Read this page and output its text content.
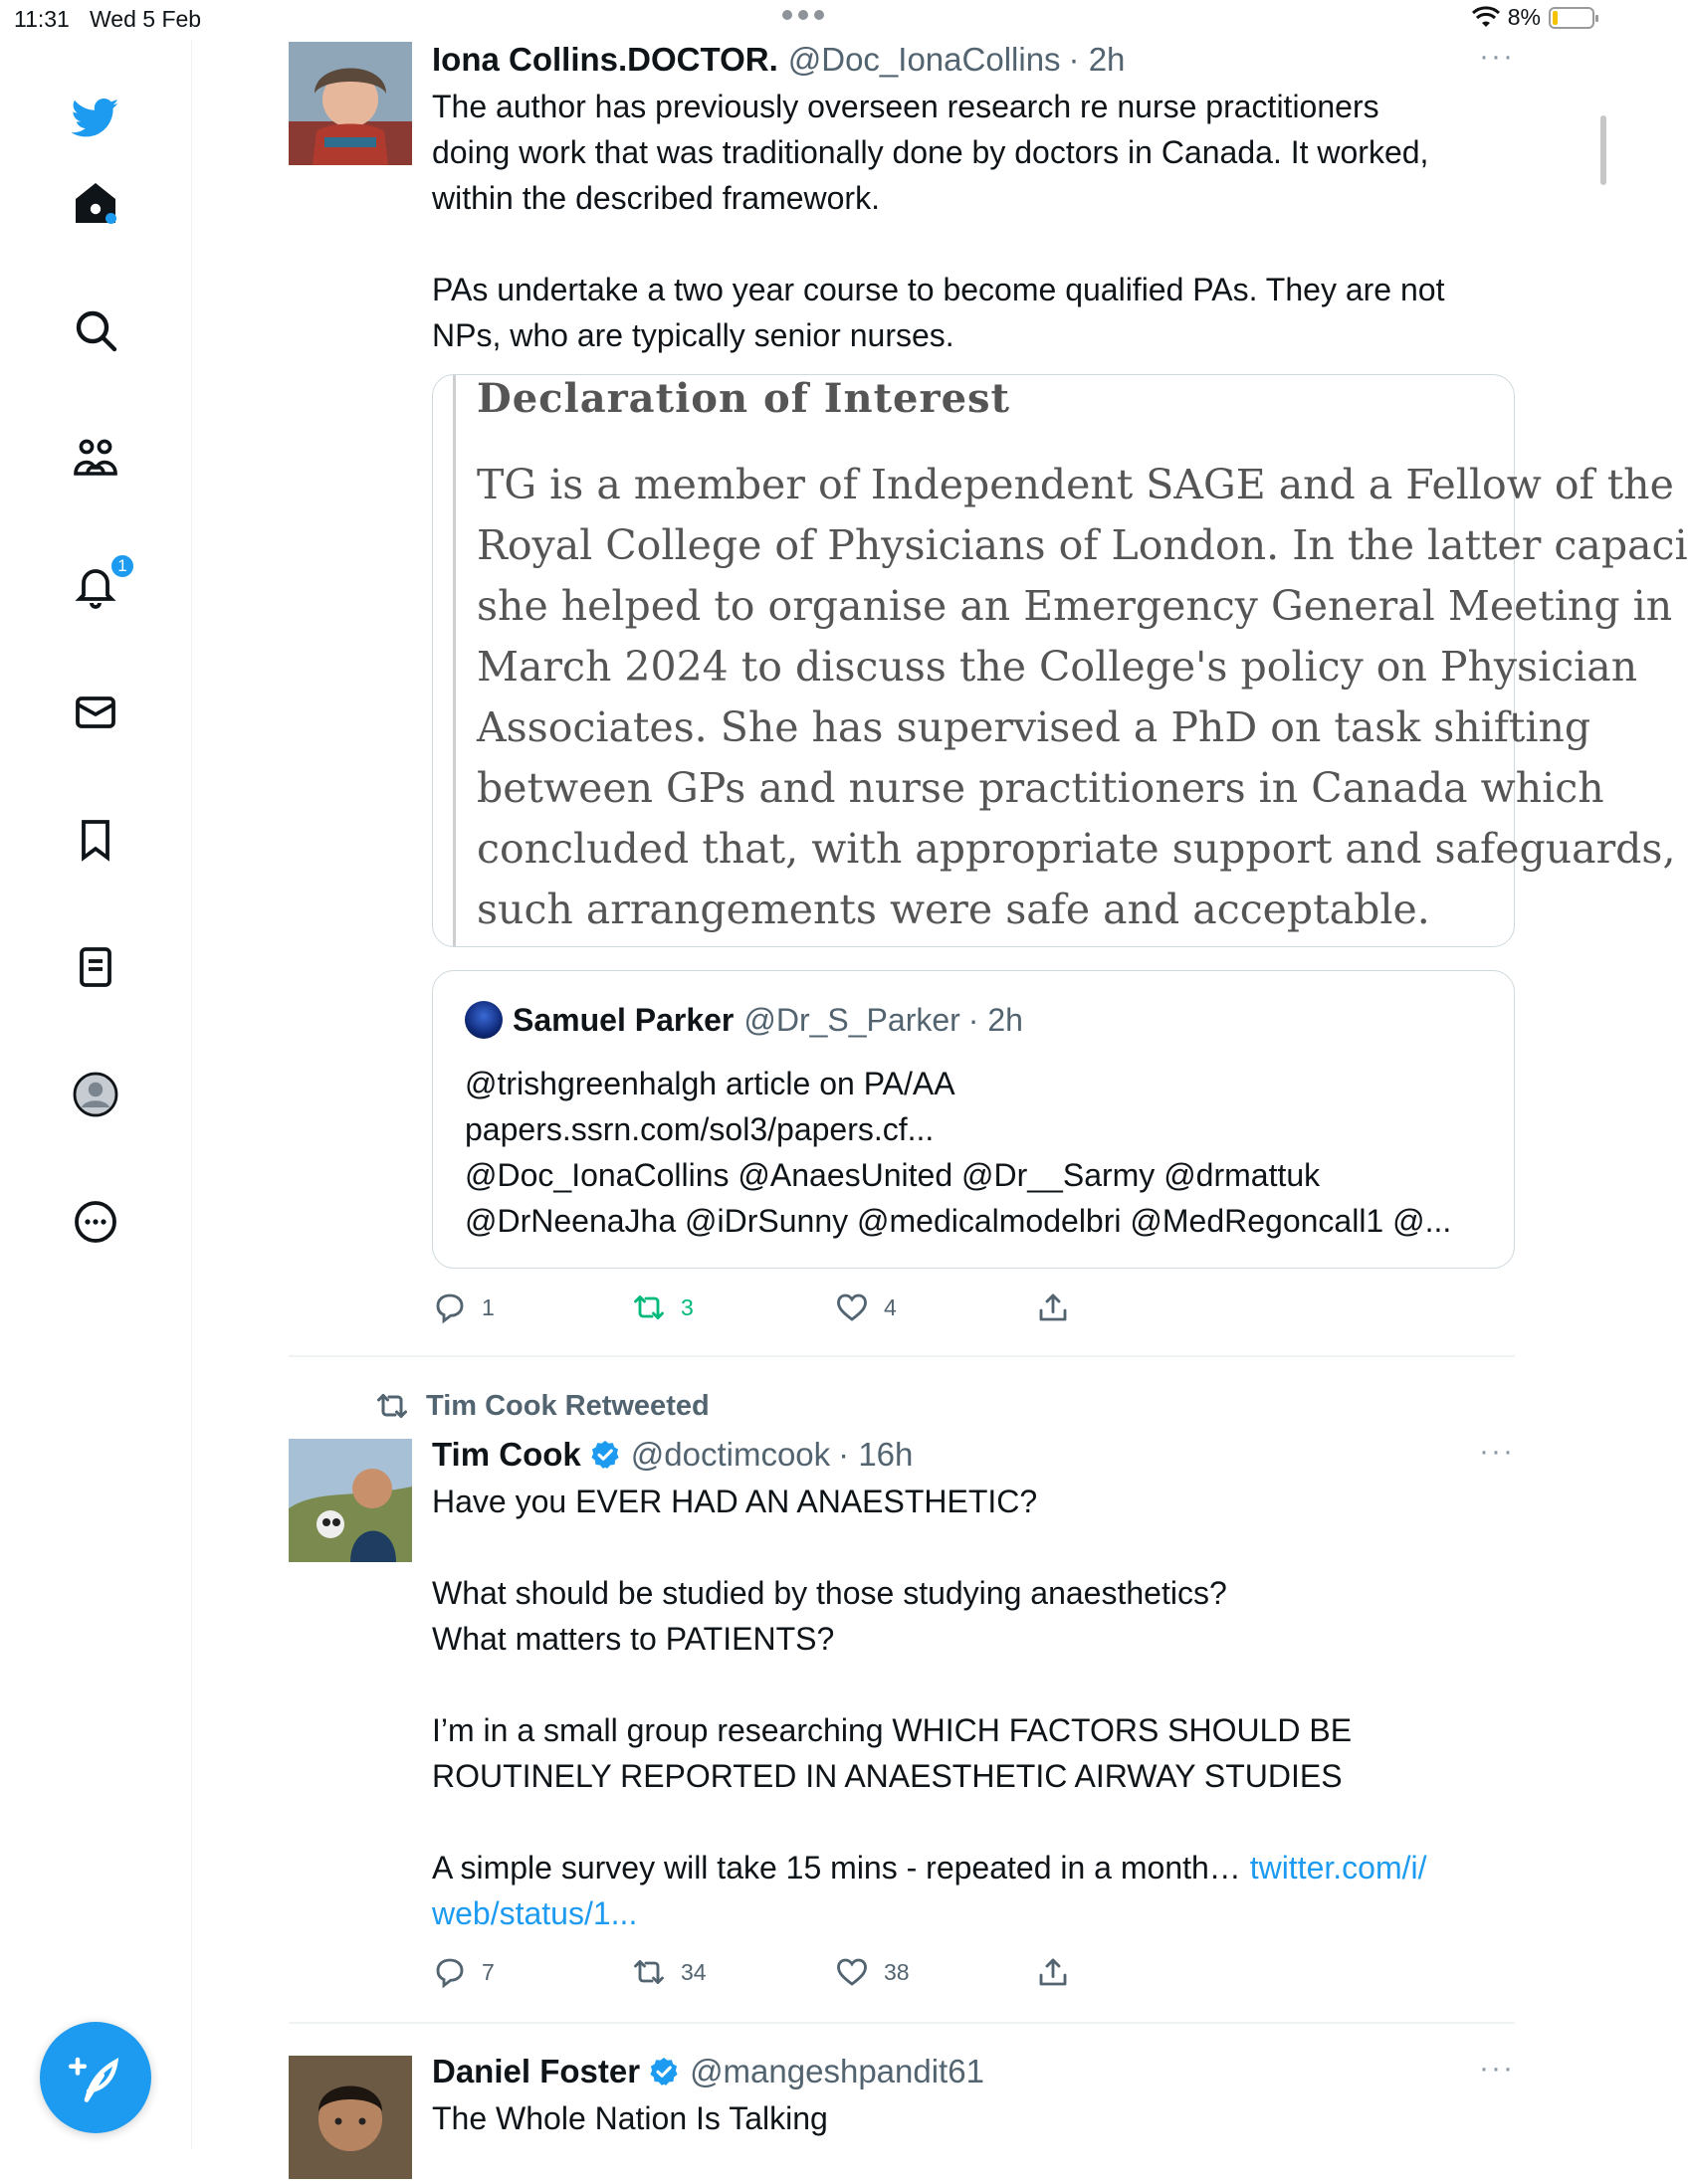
11:31 Wed 5 Feb	8%
1
Iona Collins.DOCTOR. @Doc_IonaCollins · 2h	···
The author has previously overseen research re nurse practitioners
doing work that was traditionally done by doctors in Canada. It worked,
within the described framework.

PAs undertake a two year course to become qualified PAs. They are not
NPs, who are typically senior nurses.
Declaration of Interest
TG is a member of Independent SAGE and a Fellow of the
Royal College of Physicians of London. In the latter capaci
she helped to organise an Emergency General Meeting in
March 2024 to discuss the College's policy on Physician
Associates. She has supervised a PhD on task shifting
between GPs and nurse practitioners in Canada which
concluded that, with appropriate support and safeguards,
such arrangements were safe and acceptable.
Samuel Parker @Dr_S_Parker · 2h
@trishgreenhalgh article on PA/AA
papers.ssrn.com/sol3/papers.cf...
@Doc_IonaCollins @AnaesUnited @Dr__Sarmy @drmattuk
@DrNeenaJha @iDrSunny @medicalmodelbri @MedRegoncall1 @...
1	3	4
Tim Cook Retweeted
Tim Cook @doctimcook · 16h	···
Have you EVER HAD AN ANAESTHETIC?

What should be studied by those studying anaesthetics?
What matters to PATIENTS?

I’m in a small group researching WHICH FACTORS SHOULD BE
ROUTINELY REPORTED IN ANAESTHETIC AIRWAY STUDIES

A simple survey will take 15 mins - repeated in a month… twitter.com/i/
web/status/1...
7	34	38
Daniel Foster @mangeshpandit61	···
The Whole Nation Is Talking
